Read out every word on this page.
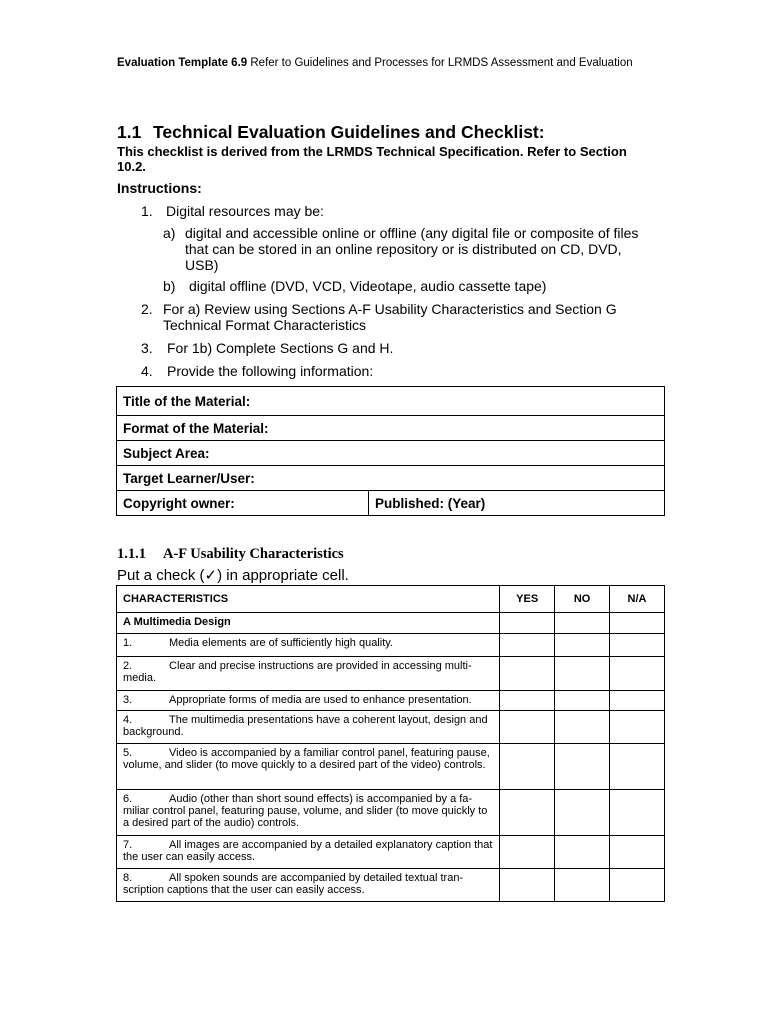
Evaluation Template 6.9 Refer to Guidelines and Processes for LRMDS Assessment and Evaluation
1.1 Technical Evaluation Guidelines and Checklist:
This checklist is derived from the LRMDS Technical Specification. Refer to Section 10.2.
Instructions:
1. Digital resources may be:
a) digital and accessible online or offline (any digital file or composite of files that can be stored in an online repository or is distributed on CD, DVD, USB)
b) digital offline (DVD, VCD, Videotape, audio cassette tape)
2. For a) Review using Sections A-F Usability Characteristics and Section G Technical Format Characteristics
3. For 1b) Complete Sections G and H.
4. Provide the following information:
Title of the Material:
Format of the Material:
Subject Area:
Target Learner/User:
Copyright owner:	Published: (Year)
1.1.1 A-F Usability Characteristics
Put a check (✓) in appropriate cell.
CHARACTERISTICS	YES	NO	N/A
A Multimedia Design			
1. Media elements are of sufficiently high quality.			
2. Clear and precise instructions are provided in accessing multi-media.			
3. Appropriate forms of media are used to enhance presentation.			
4. The multimedia presentations have a coherent layout, design and background.			
5. Video is accompanied by a familiar control panel, featuring pause, volume, and slider (to move quickly to a desired part of the video) controls.			
6. Audio (other than short sound effects) is accompanied by a fa-miliar control panel, featuring pause, volume, and slider (to move quickly to a desired part of the audio) controls.			
7. All images are accompanied by a detailed explanatory caption that the user can easily access.			
8. All spoken sounds are accompanied by detailed textual tran-scription captions that the user can easily access.			
